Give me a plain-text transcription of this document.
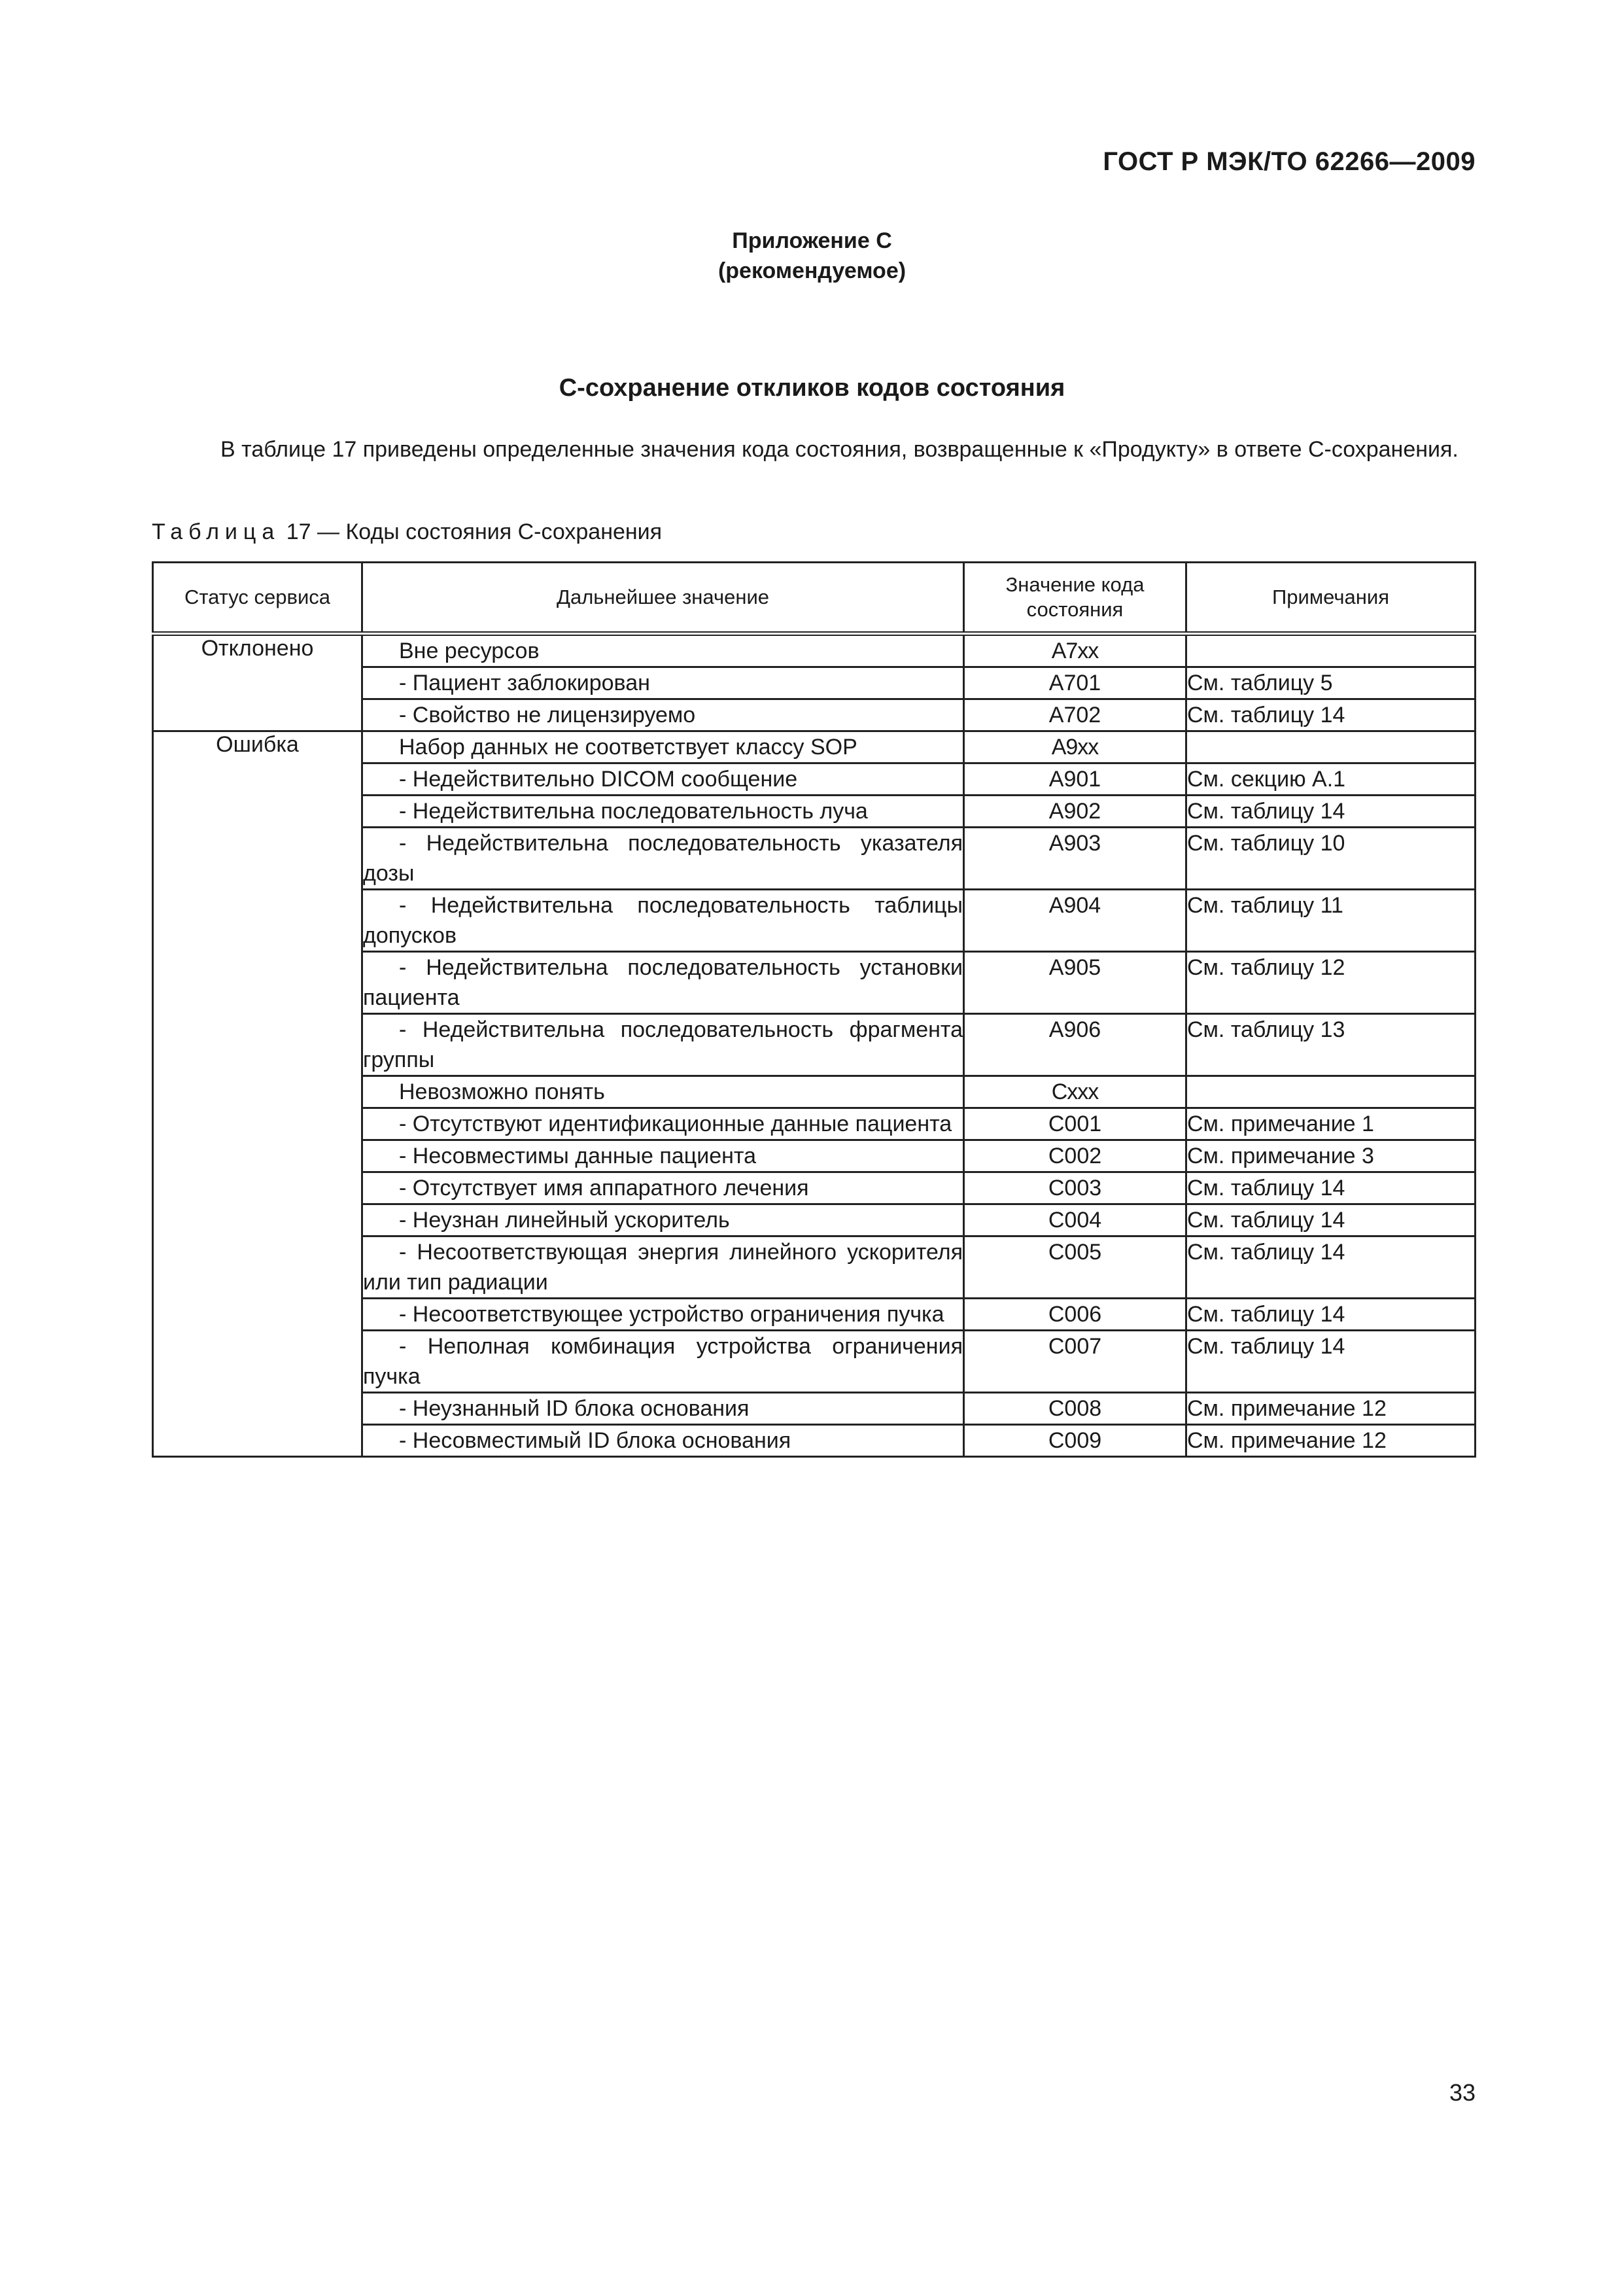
ГОСТ Р МЭК/ТО 62266—2009
Приложение С
(рекомендуемое)
С-сохранение откликов кодов состояния
В таблице 17 приведены определенные значения кода состояния, возвращенные к «Продукту» в ответе С-сохранения.
Таблица 17 — Коды состояния С-сохранения
Статус сервиса	Дальнейшее значение	Значение кода состояния	Примечания
Отклонено	Вне ресурсов	A7xx	

	- Пациент заблокирован	A701	См. таблицу 5

	- Свойство не лицензируемо	A702	См. таблицу 14
Ошибка	Набор данных не соответствует классу SOP	A9xx	

	- Недействительно DICOM сообщение	A901	См. секцию А.1

	- Недействительна последовательность луча	A902	См. таблицу 14

	- Недействительна последовательность указателя дозы	A903	См. таблицу 10

	- Недействительна последовательность таблицы допусков	A904	См. таблицу 11

	- Недействительна последовательность установки пациента	A905	См. таблицу 12

	- Недействительна последовательность фрагмента группы	A906	См. таблицу 13

	Невозможно понять	Cxxx	

	- Отсутствуют идентификационные данные пациента	C001	См. примечание 1

	- Несовместимы данные пациента	C002	См. примечание 3

	- Отсутствует имя аппаратного лечения	C003	См. таблицу 14

	- Неузнан линейный ускоритель	C004	См. таблицу 14

	- Несоответствующая энергия линейного ускорителя или тип радиации	C005	См. таблицу 14

	- Несоответствующее устройство ограничения пучка	C006	См. таблицу 14

	- Неполная комбинация устройства ограничения пучка	C007	См. таблицу 14

	- Неузнанный ID блока основания	C008	См. примечание 12

	- Несовместимый ID блока основания	C009	См. примечание 12
33
